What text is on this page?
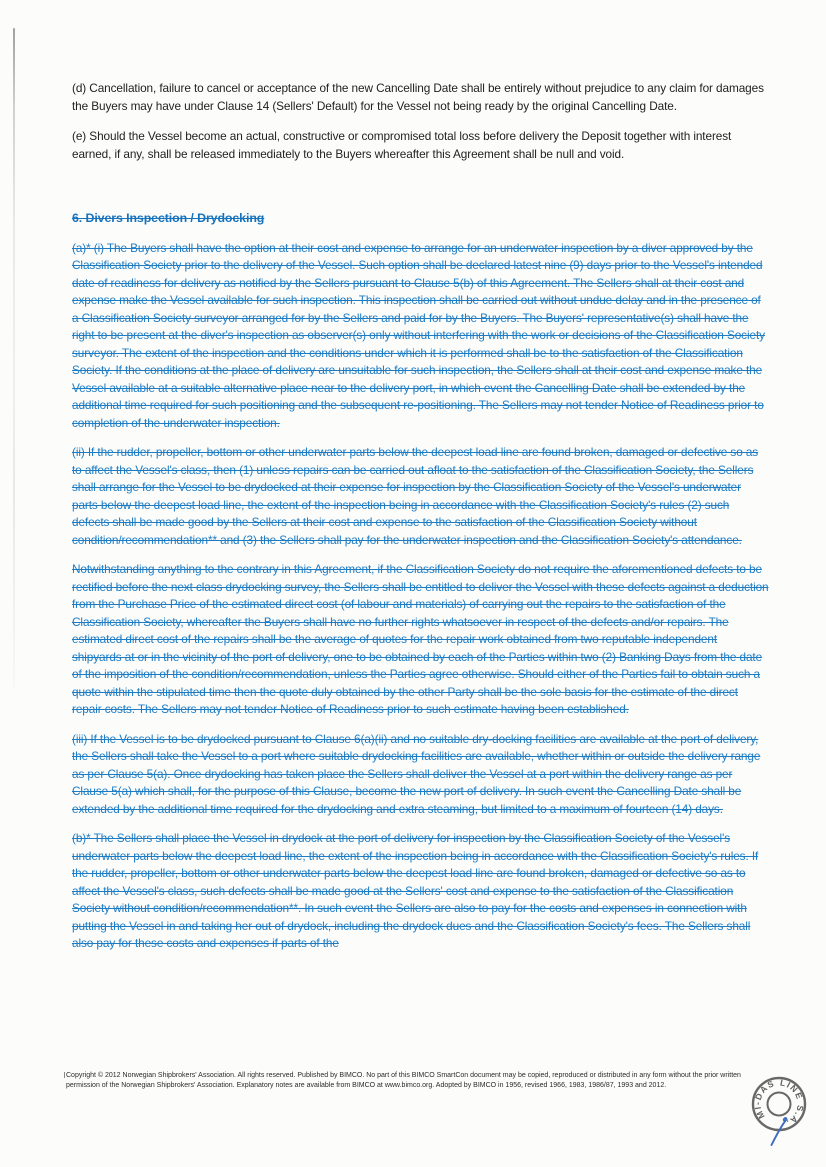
(d) Cancellation, failure to cancel or acceptance of the new Cancelling Date shall be entirely without prejudice to any claim for damages the Buyers may have under Clause 14 (Sellers' Default) for the Vessel not being ready by the original Cancelling Date.

(e) Should the Vessel become an actual, constructive or compromised total loss before delivery the Deposit together with interest earned, if any, shall be released immediately to the Buyers whereafter this Agreement shall be null and void.

6. Divers Inspection / Drydocking

(a)* (i) The Buyers shall have the option at their cost and expense to arrange for an underwater inspection by a diver approved by the Classification Society prior to the delivery of the Vessel. Such option shall be declared latest nine (9) days prior to the Vessel's intended date of readiness for delivery as notified by the Sellers pursuant to Clause 5(b) of this Agreement. The Sellers shall at their cost and expense make the Vessel available for such inspection. This inspection shall be carried out without undue delay and in the presence of a Classification Society surveyor arranged for by the Sellers and paid for by the Buyers. The Buyers' representative(s) shall have the right to be present at the diver's inspection as observer(s) only without interfering with the work or decisions of the Classification Society surveyor. The extent of the inspection and the conditions under which it is performed shall be to the satisfaction of the Classification Society. If the conditions at the place of delivery are unsuitable for such inspection, the Sellers shall at their cost and expense make the Vessel available at a suitable alternative place near to the delivery port, in which event the Cancelling Date shall be extended by the additional time required for such positioning and the subsequent re-positioning. The Sellers may not tender Notice of Readiness prior to completion of the underwater inspection.

(ii) If the rudder, propeller, bottom or other underwater parts below the deepest load line are found broken, damaged or defective so as to affect the Vessel's class, then (1) unless repairs can be carried out afloat to the satisfaction of the Classification Society, the Sellers shall arrange for the Vessel to be drydocked at their expense for inspection by the Classification Society of the Vessel's underwater parts below the deepest load line, the extent of the inspection being in accordance with the Classification Society's rules (2) such defects shall be made good by the Sellers at their cost and expense to the satisfaction of the Classification Society without condition/recommendation** and (3) the Sellers shall pay for the underwater inspection and the Classification Society's attendance.

Notwithstanding anything to the contrary in this Agreement, if the Classification Society do not require the aforementioned defects to be rectified before the next class drydocking survey, the Sellers shall be entitled to deliver the Vessel with these defects against a deduction from the Purchase Price of the estimated direct cost (of labour and materials) of carrying out the repairs to the satisfaction of the Classification Society, whereafter the Buyers shall have no further rights whatsoever in respect of the defects and/or repairs. The estimated direct cost of the repairs shall be the average of quotes for the repair work obtained from two reputable independent shipyards at or in the vicinity of the port of delivery, one to be obtained by each of the Parties within two (2) Banking Days from the date of the imposition of the condition/recommendation, unless the Parties agree otherwise. Should either of the Parties fail to obtain such a quote within the stipulated time then the quote duly obtained by the other Party shall be the sole basis for the estimate of the direct repair costs. The Sellers may not tender Notice of Readiness prior to such estimate having been established.

(iii) If the Vessel is to be drydocked pursuant to Clause 6(a)(ii) and no suitable dry-docking facilities are available at the port of delivery, the Sellers shall take the Vessel to a port where suitable drydocking facilities are available, whether within or outside the delivery range as per Clause 5(a). Once drydocking has taken place the Sellers shall deliver the Vessel at a port within the delivery range as per Clause 5(a) which shall, for the purpose of this Clause, become the new port of delivery. In such event the Cancelling Date shall be extended by the additional time required for the drydocking and extra steaming, but limited to a maximum of fourteen (14) days.

(b)* The Sellers shall place the Vessel in drydock at the port of delivery for inspection by the Classification Society of the Vessel's underwater parts below the deepest load line, the extent of the inspection being in accordance with the Classification Society's rules. If the rudder, propeller, bottom or other underwater parts below the deepest load line are found broken, damaged or defective so as to affect the Vessel's class, such defects shall be made good at the Sellers' cost and expense to the satisfaction of the Classification Society without condition/recommendation**. In such event the Sellers are also to pay for the costs and expenses in connection with putting the Vessel in and taking her out of drydock, including the drydock dues and the Classification Society's fees. The Sellers shall also pay for these costs and expenses if parts of the

Copyright © 2012 Norwegian Shipbrokers' Association. All rights reserved. Published by BIMCO. No part of this BIMCO SmartCon document may be copied, reproduced or distributed in any form without the prior written
permission of the Norwegian Shipbrokers' Association. Explanatory notes are available from BIMCO at www.bimco.org. Adopted by BIMCO in 1956, revised 1966, 1983, 1986/87, 1993 and 2012.
MI-DAS LINE S.A.
